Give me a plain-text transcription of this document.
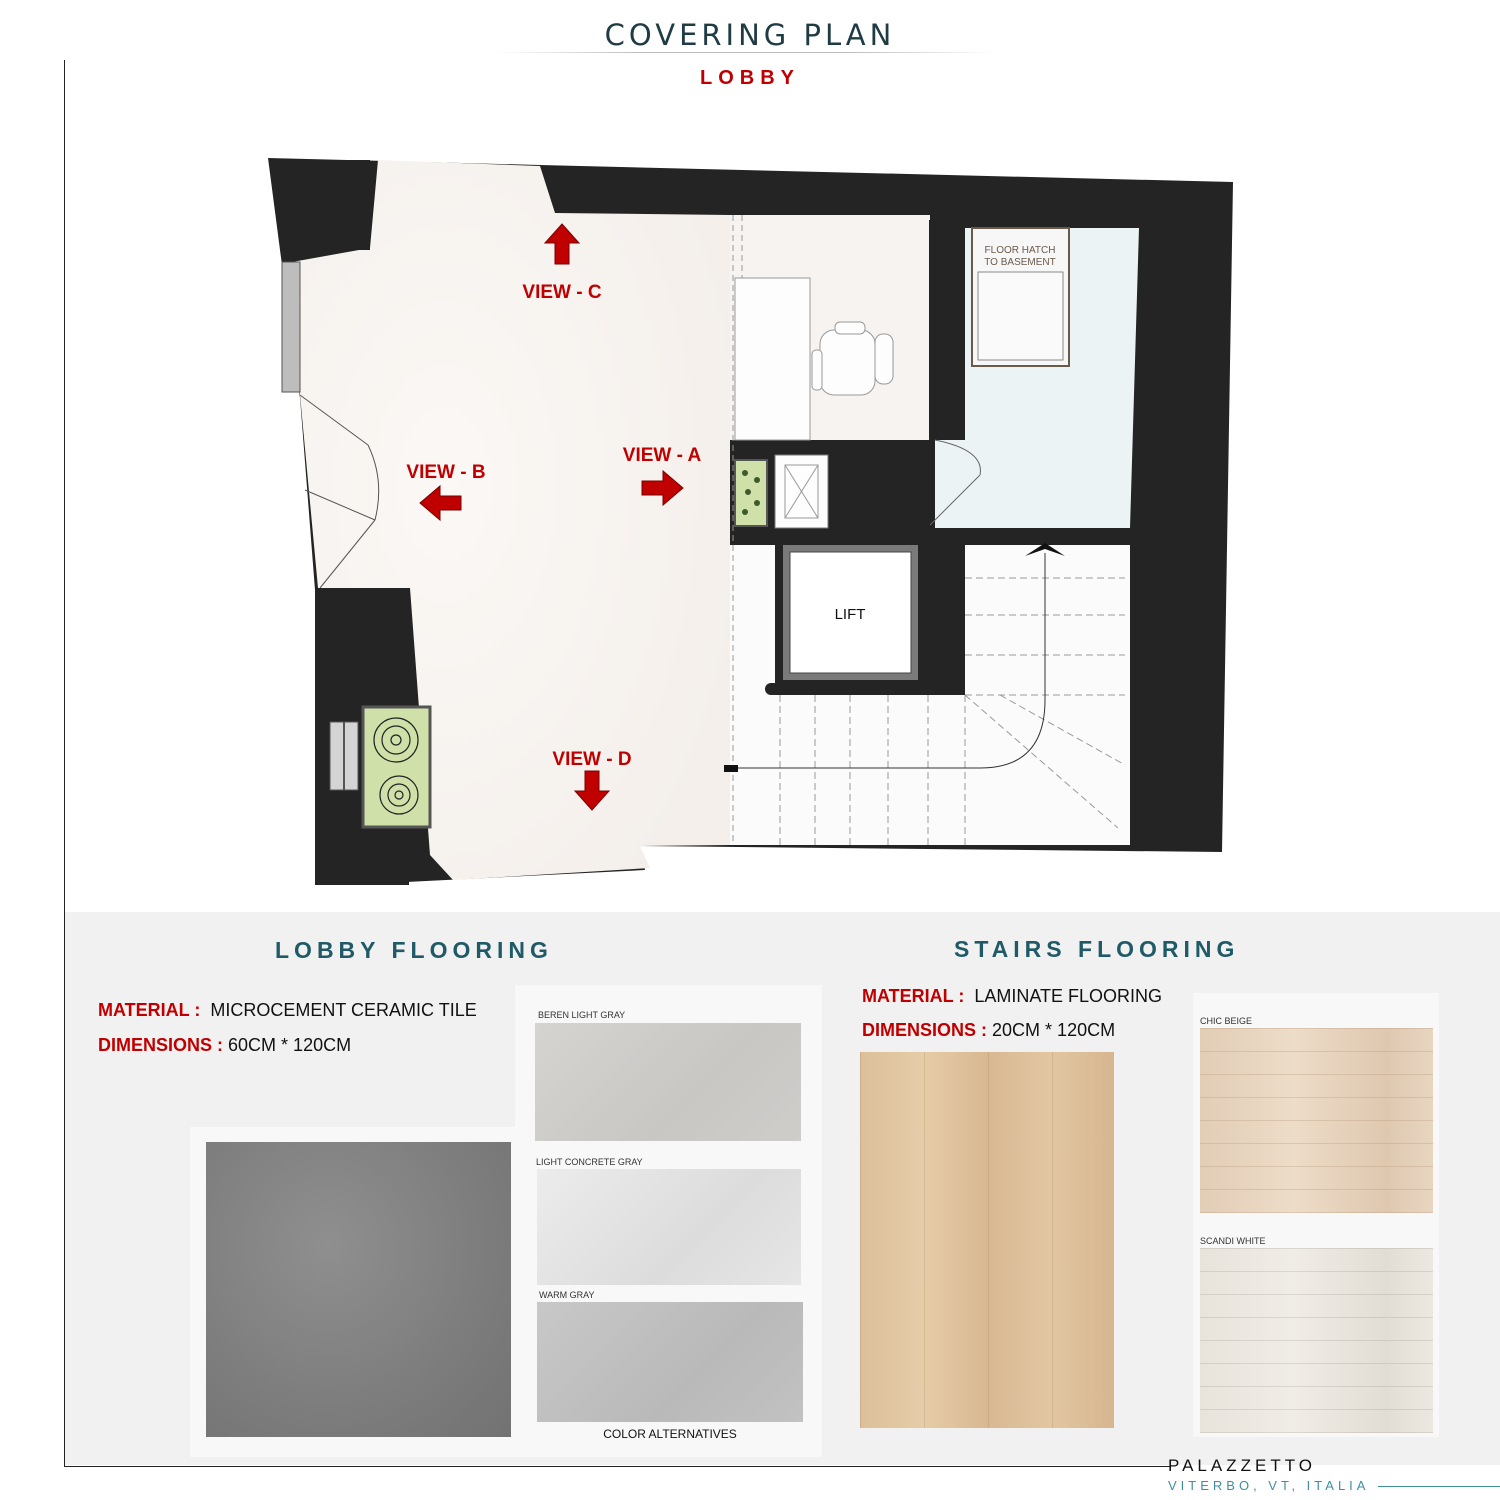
COVERING PLAN
LOBBY
FLOOR HATCH
TO BASEMENT
LIFT
VIEW - C
VIEW - B
VIEW - A
VIEW - D
LOBBY FLOORING
MATERIAL : MICROCEMENT CERAMIC TILE
DIMENSIONS : 60CM * 120CM
BEREN LIGHT GRAY
LIGHT CONCRETE GRAY
WARM GRAY
COLOR ALTERNATIVES
STAIRS FLOORING
MATERIAL : LAMINATE FLOORING
DIMENSIONS : 20CM * 120CM	CHIC BEIGE
SCANDI WHITE
PALAZZETTO
VITERBO, VT, ITALIA
